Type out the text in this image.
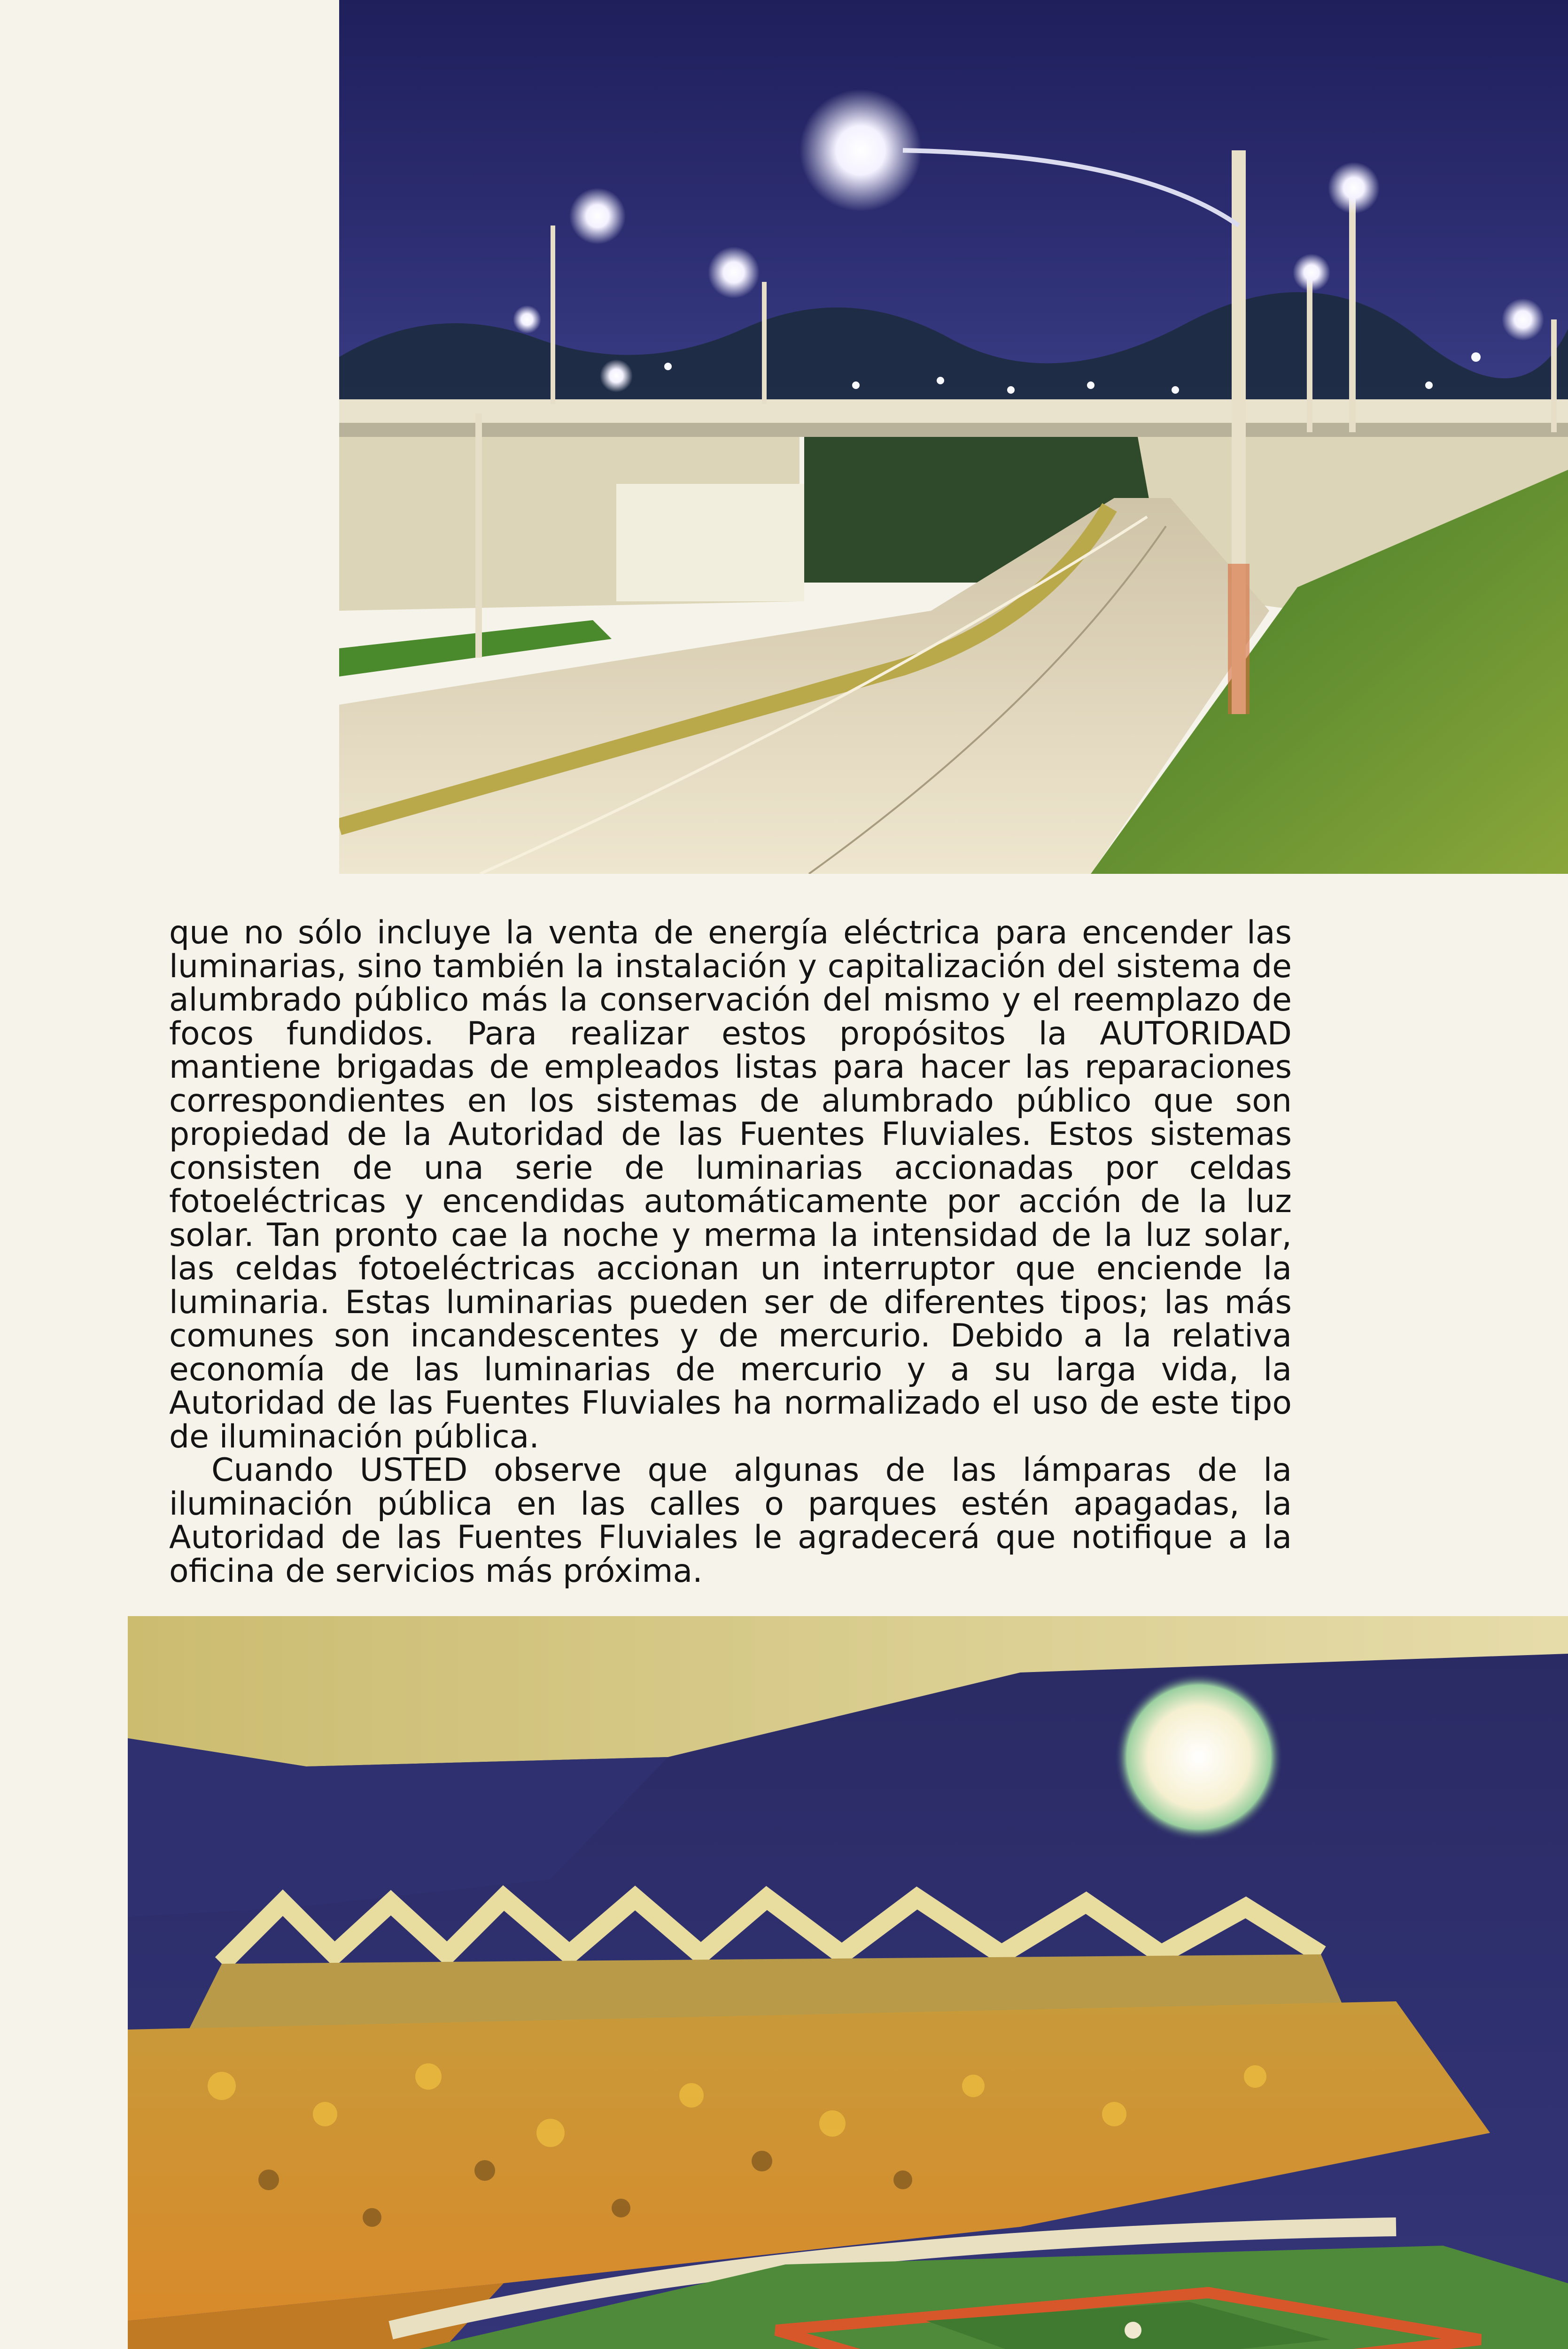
que no sólo incluye la venta de energía eléctrica para encender las luminarias, sino también la instalación y capitalización del sistema de alumbrado público más la conservación del mismo y el reemplazo de focos fundidos. Para realizar estos propósitos la AUTORIDAD mantiene brigadas de empleados listas para hacer las reparaciones correspondientes en los sistemas de alumbrado público que son propiedad de la Autoridad de las Fuentes Fluviales. Estos sistemas consisten de una serie de luminarias accionadas por celdas fotoeléctricas y encendidas automáticamente por acción de la luz solar. Tan pronto cae la noche y merma la intensidad de la luz solar, las celdas fotoeléctricas accionan un interruptor que enciende la luminaria. Estas luminarias pueden ser de diferentes tipos; las más comunes son incandescentes y de mercurio. Debido a la relativa economía de las luminarias de mercurio y a su larga vida, la Autoridad de las Fuentes Fluviales ha normalizado el uso de este tipo de iluminación pública.

Cuando USTED observe que algunas de las lámparas de la iluminación pública en las calles o parques estén apagadas, la Autoridad de las Fuentes Fluviales le agradecerá que notifique a la oficina de servicios más próxima.
